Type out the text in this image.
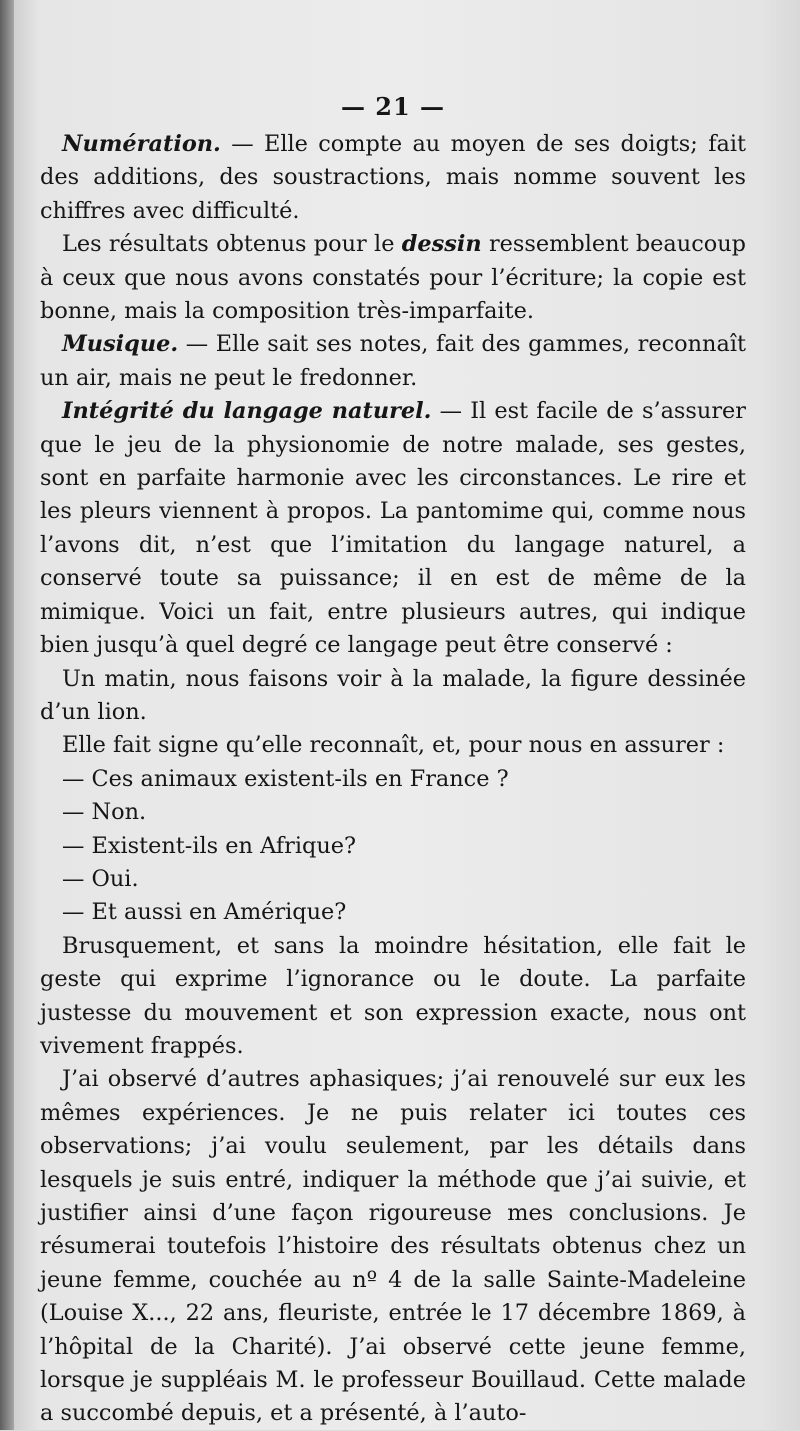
— 21 —

Numération. — Elle compte au moyen de ses doigts; fait des additions, des soustractions, mais nomme souvent les chiffres avec difficulté.

Les résultats obtenus pour le dessin ressemblent beaucoup à ceux que nous avons constatés pour l’écriture; la copie est bonne, mais la composition très-imparfaite.

Musique. — Elle sait ses notes, fait des gammes, reconnaît un air, mais ne peut le fredonner.

Intégrité du langage naturel. — Il est facile de s’assurer que le jeu de la physionomie de notre malade, ses gestes, sont en parfaite harmonie avec les circonstances. Le rire et les pleurs viennent à propos. La pantomime qui, comme nous l’avons dit, n’est que l’imitation du langage naturel, a conservé toute sa puissance; il en est de même de la mimique. Voici un fait, entre plusieurs autres, qui indique bien jusqu’à quel degré ce langage peut être conservé :

Un matin, nous faisons voir à la malade, la figure dessinée d’un lion.

Elle fait signe qu’elle reconnaît, et, pour nous en assurer :

— Ces animaux existent-ils en France ?

— Non.

— Existent-ils en Afrique?

— Oui.

— Et aussi en Amérique?

Brusquement, et sans la moindre hésitation, elle fait le geste qui exprime l’ignorance ou le doute. La parfaite justesse du mouvement et son expression exacte, nous ont vivement frappés.

J’ai observé d’autres aphasiques; j’ai renouvelé sur eux les mêmes expériences. Je ne puis relater ici toutes ces observations; j’ai voulu seulement, par les détails dans lesquels je suis entré, indiquer la méthode que j’ai suivie, et justifier ainsi d’une façon rigoureuse mes conclusions. Je résumerai toutefois l’histoire des résultats obtenus chez un jeune femme, couchée au nº 4 de la salle Sainte-Madeleine (Louise X..., 22 ans, fleuriste, entrée le 17 décembre 1869, à l’hôpital de la Charité). J’ai observé cette jeune femme, lorsque je suppléais M. le professeur Bouillaud. Cette malade a succombé depuis, et a présenté, à l’auto-
